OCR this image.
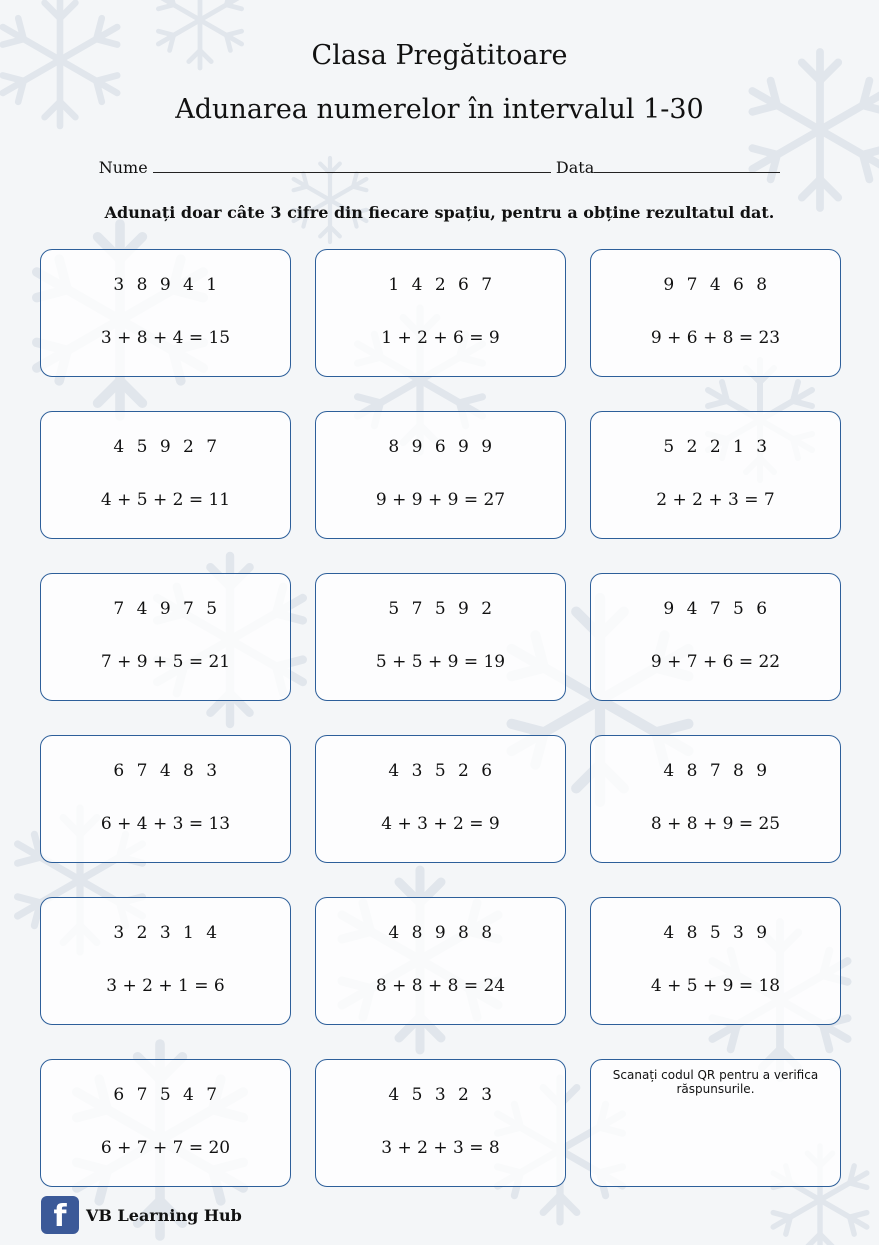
Clasa Pregătitoare
Adunarea numerelor în intervalul 1-30
Nume	Data
Adunați doar câte 3 cifre din fiecare spațiu, pentru a obține rezultatul dat.
3 8 9 4 1
3 + 8 + 4 = 15
1 4 2 6 7
1 + 2 + 6 = 9
9 7 4 6 8
9 + 6 + 8 = 23
4 5 9 2 7
4 + 5 + 2 = 11
8 9 6 9 9
9 + 9 + 9 = 27
5 2 2 1 3
2 + 2 + 3 = 7
7 4 9 7 5
7 + 9 + 5 = 21
5 7 5 9 2
5 + 5 + 9 = 19
9 4 7 5 6
9 + 7 + 6 = 22
6 7 4 8 3
6 + 4 + 3 = 13
4 3 5 2 6
4 + 3 + 2 = 9
4 8 7 8 9
8 + 8 + 9 = 25
3 2 3 1 4
3 + 2 + 1 = 6
4 8 9 8 8
8 + 8 + 8 = 24
4 8 5 3 9
4 + 5 + 9 = 18
6 7 5 4 7
6 + 7 + 7 = 20
4 5 3 2 3
3 + 2 + 3 = 8
Scanați codul QR pentru a verifica răspunsurile.
f	VB Learning Hub
